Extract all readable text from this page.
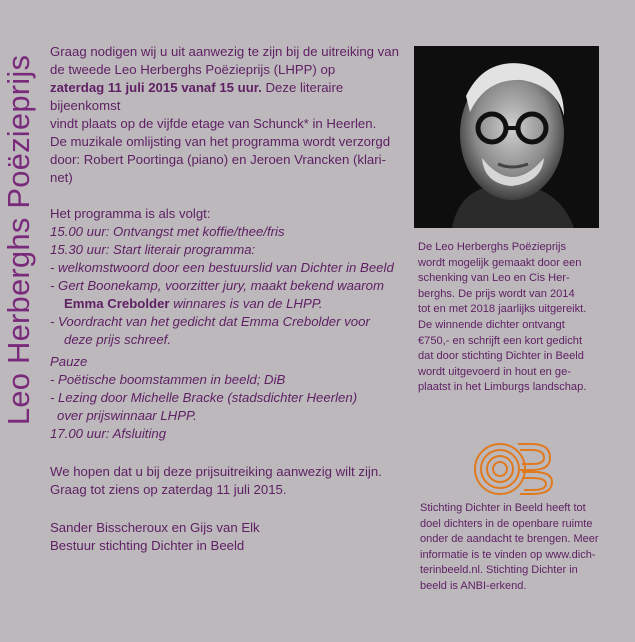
Leo Herberghs Poëzieprijs

Graag nodigen wij u uit aanwezig te zijn bij de uitreiking van

de tweede Leo Herberghs Poëzieprijs (LHPP) op

zaterdag 11 juli 2015 vanaf 15 uur. Deze literaire bijeenkomst

vindt plaats op de vijfde etage van Schunck* in Heerlen.

De muzikale omlijsting van het programma wordt verzorgd

door: Robert Poortinga (piano) en Jeroen Vrancken (klari-

net)

Het programma is als volgt:

15.00 uur: Ontvangst met koffie/thee/fris

15.30 uur: Start literair programma:

- welkomstwoord door een bestuurslid van Dichter in Beeld

- Gert Boonekamp, voorzitter jury, maakt bekend waarom

Emma Crebolder winnares is van de LHPP.

- Voordracht van het gedicht dat Emma Crebolder voor

deze prijs schreef.

Pauze

- Poëtische boomstammen in beeld; DiB

- Lezing door Michelle Bracke (stadsdichter Heerlen)

over prijswinnaar LHPP.

17.00 uur: Afsluiting

We hopen dat u bij deze prijsuitreiking aanwezig wilt zijn.

Graag tot ziens op zaterdag 11 juli 2015.

Sander Bisscheroux en Gijs van Elk

Bestuur stichting Dichter in Beeld

De Leo Herberghs Poëzieprijs
wordt mogelijk gemaakt door een
schenking van Leo en Cis Her-
berghs. De prijs wordt van 2014
tot en met 2018 jaarlijks uitgereikt.
De winnende dichter ontvangt
€750,- en schrijft een kort gedicht
dat door stichting Dichter in Beeld
wordt uitgevoerd in hout en ge-
plaatst in het Limburgs landschap.
Stichting Dichter in Beeld heeft tot
doel dichters in de openbare ruimte
onder de aandacht te brengen. Meer
informatie is te vinden op www.dich-
terinbeeld.nl. Stichting Dichter in
beeld is ANBI-erkend.
